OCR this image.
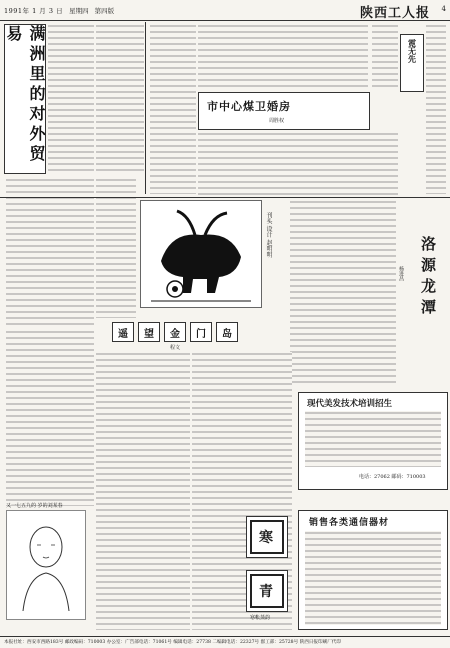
1991年 1 月 3 日 星期四 第四版	陕西工人报 4
满洲里的对外贸易
市中心煤卫婚房
周胜权
霓无先
刊头 设计 赵明明
洛源龙潭
杨进昌
遥	望	金	门	岛
程文
现代美发技术培训招生
电话：27062 邮码：710003
寒
青
寒帐蒸韵
销售各类通信器材
又一七五九的 岁的刘某春
本报社址：西安市西路183号 邮政编码：710003 办公室：广告部电话：71061号 编辑电话：27738 二编辑电话：22327号 群工部：25728号 陕西日报印刷厂代印
